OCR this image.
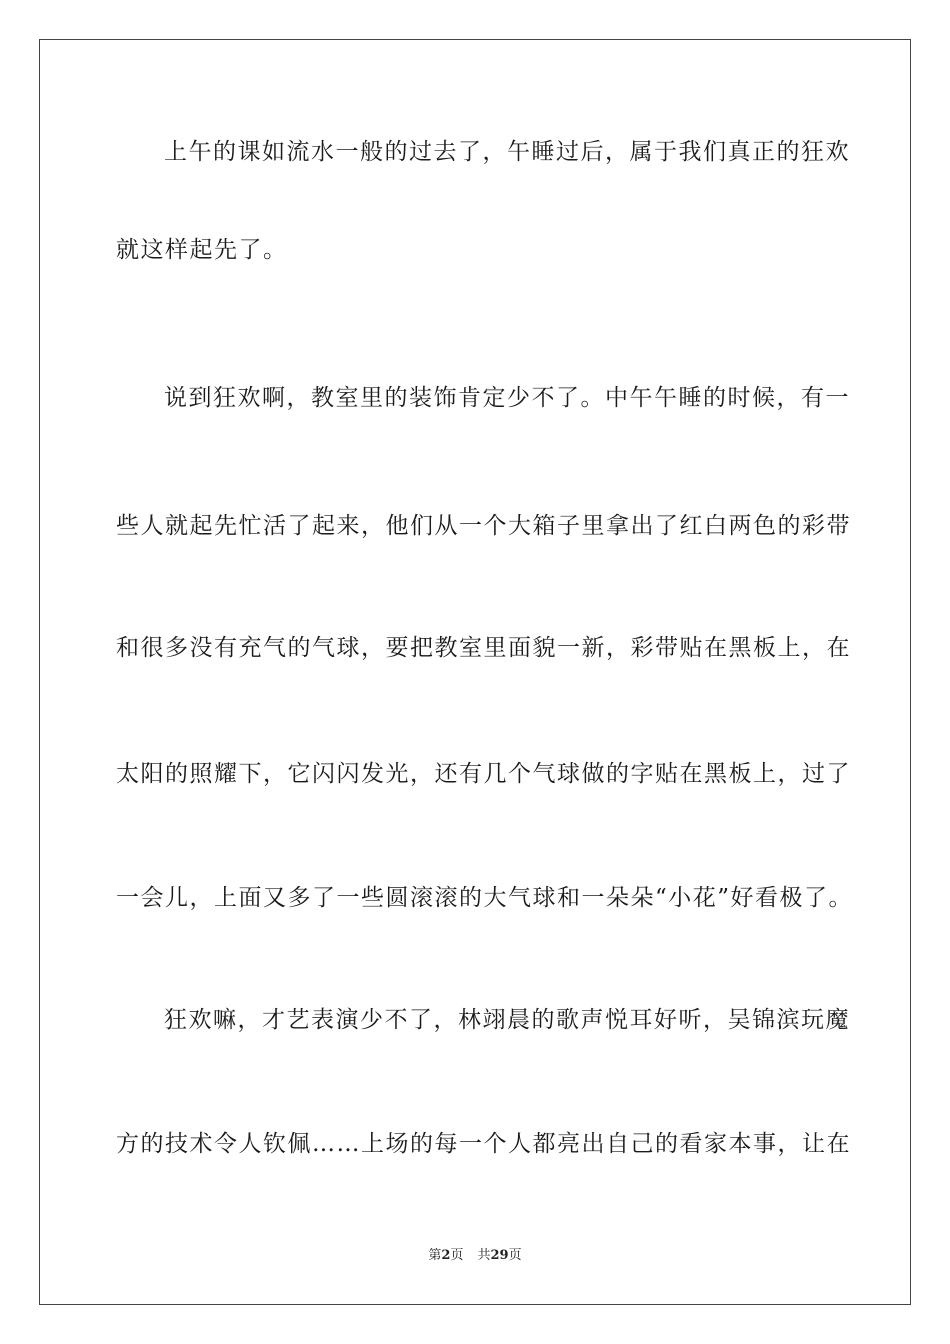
上午的课如流水一般的过去了，午睡过后，属于我们真正的狂欢
就这样起先了。
说到狂欢啊，教室里的装饰肯定少不了。中午午睡的时候，有一
些人就起先忙活了起来，他们从一个大箱子里拿出了红白两色的彩带
和很多没有充气的气球，要把教室里面貌一新，彩带贴在黑板上，在
太阳的照耀下，它闪闪发光，还有几个气球做的字贴在黑板上，过了
一会儿，上面又多了一些圆滚滚的大气球和一朵朵“小花”好看极了。
狂欢嘛，才艺表演少不了，林翊晨的歌声悦耳好听，吴锦滨玩魔
方的技术令人钦佩……上场的每一个人都亮出自己的看家本事，让在
第2页 共29页
